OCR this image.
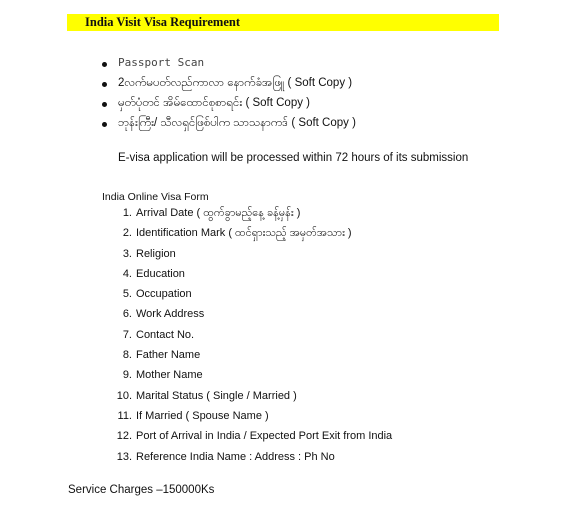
India Visit Visa Requirement
Passport Scan
2လက်မပတ်လည်ကာလာ နောက်ခံအဖြူ ( Soft Copy )
မှတ်ပုံတင် အိမ်ထောင်စုစာရင်း ( Soft Copy )
ဘုန်းကြီး/ သီလရှင်ဖြစ်ပါက သာသနာကဒ် ( Soft Copy )
E-visa application will be processed within 72 hours of its submission
India Online Visa Form
1. Arrival Date ( ထွက်ခွာမည့်နေ့ ခန့်မှန်း )
2. Identification Mark ( ထင်ရှားသည့် အမှတ်အသား )
3. Religion
4. Education
5. Occupation
6. Work Address
7. Contact No.
8. Father Name
9. Mother Name
10. Marital Status ( Single / Married )
11. If Married ( Spouse Name )
12. Port of Arrival in India / Expected Port Exit from India
13. Reference India Name : Address : Ph No
Service Charges –150000Ks
